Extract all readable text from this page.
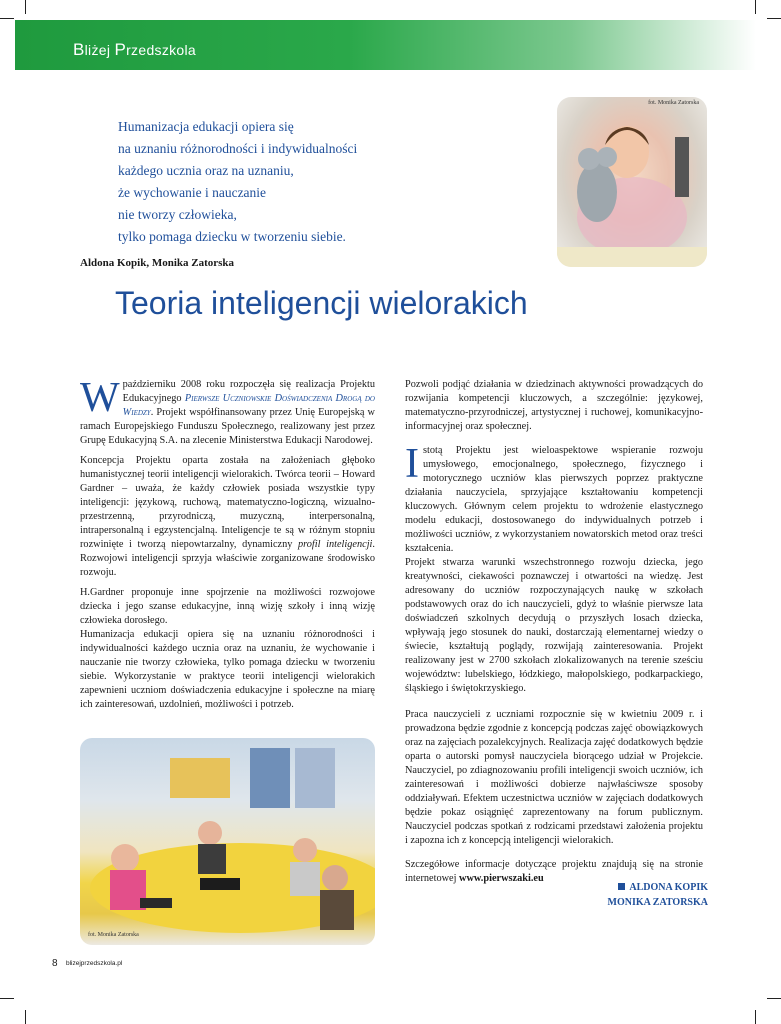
Bliżej Przedszkola
Humanizacja edukacji opiera się
na uznaniu różnorodności i indywidualności
każdego ucznia oraz na uznaniu,
że wychowanie i nauczanie
nie tworzy człowieka,
tylko pomaga dziecku w tworzeniu siebie.
fot. Monika Zatorska
Aldona Kopik, Monika Zatorska
Teoria inteligencji wielorakich

W październiku 2008 roku rozpoczęła się realizacja Projektu Edukacyjnego Pierwsze Uczniowskie Doświadczenia Drogą do Wiedzy. Projekt współfinansowany przez Unię Europejską w ramach Europejskiego Funduszu Społecznego, realizowany jest przez Grupę Edukacyjną S.A. na zlecenie Ministerstwa Edukacji Narodowej.

Koncepcja Projektu oparta została na założeniach głęboko humanistycznej teorii inteligencji wielorakich. Twórca teorii – Howard Gardner – uważa, że każdy człowiek posiada wszystkie typy inteligencji: językową, ruchową, matematyczno-logiczną, wizualno-przestrzenną, przyrodniczą, muzyczną, interpersonalną, intrapersonalną i egzystencjalną. Inteligencje te są w różnym stopniu rozwinięte i tworzą niepowtarzalny, dynamiczny profil inteligencji. Rozwojowi inteligencji sprzyja właściwie zorganizowane środowisko rozwoju.

H.Gardner proponuje inne spojrzenie na możliwości rozwojowe dziecka i jego szanse edukacyjne, inną wizję szkoły i inną wizję człowieka dorosłego.

Humanizacja edukacji opiera się na uznaniu różnorodności i indywidualności każdego ucznia oraz na uznaniu, że wychowanie i nauczanie nie tworzy człowieka, tylko pomaga dziecku w tworzeniu siebie. Wykorzystanie w praktyce teorii inteligencji wielorakich zapewnieni uczniom doświadczenia edukacyjne i społeczne na miarę ich zainteresowań, uzdolnień, możliwości i potrzeb.

fot. Monika Zatorska

Pozwoli podjąć działania w dziedzinach aktywności prowadzących do rozwijania kompetencji kluczowych, a szczególnie: językowej, matematyczno-przyrodniczej, artystycznej i ruchowej, komunikacyjno-informacyjnej oraz społecznej.

Istotą Projektu jest wieloaspektowe wspieranie rozwoju umysłowego, emocjonalnego, społecznego, fizycznego i motorycznego uczniów klas pierwszych poprzez praktyczne działania nauczyciela, sprzyjające kształtowaniu kompetencji kluczowych. Głównym celem projektu to wdrożenie elastycznego modelu edukacji, dostosowanego do indywidualnych potrzeb i możliwości uczniów, z wykorzystaniem nowatorskich metod oraz treści kształcenia.

Projekt stwarza warunki wszechstronnego rozwoju dziecka, jego kreatywności, ciekawości poznawczej i otwartości na wiedzę. Jest adresowany do uczniów rozpoczynających naukę w szkołach podstawowych oraz do ich nauczycieli, gdyż to właśnie pierwsze lata doświadczeń szkolnych decydują o przyszłych losach dziecka, wpływają jego stosunek do nauki, dostarczają elementarnej wiedzy o świecie, kształtują poglądy, rozwijają zainteresowania. Projekt realizowany jest w 2700 szkołach zlokalizowanych na terenie sześciu województw: lubelskiego, łódzkiego, małopolskiego, podkarpackiego, śląskiego i świętokrzyskiego.

Praca nauczycieli z uczniami rozpocznie się w kwietniu 2009 r. i prowadzona będzie zgodnie z koncepcją podczas zajęć obowiązkowych oraz na zajęciach pozalekcyjnych. Realizacja zajęć dodatkowych będzie oparta o autorski pomysł nauczyciela biorącego udział w Projekcie. Nauczyciel, po zdiagnozowaniu profili inteligencji swoich uczniów, ich zainteresowań i możliwości dobierze najwłaściwsze sposoby oddziaływań. Efektem uczestnictwa uczniów w zajęciach dodatkowych będzie pokaz osiągnięć zaprezentowany na forum publicznym. Nauczyciel podczas spotkań z rodzicami przedstawi założenia projektu i zapozna ich z koncepcją inteligencji wielorakich.

Szczegółowe informacje dotyczące projektu znajdują się na stronie internetowej www.pierwszaki.eu

ALDONA KOPIK
MONIKA ZATORSKA
8 blizejprzedszkola.pl
